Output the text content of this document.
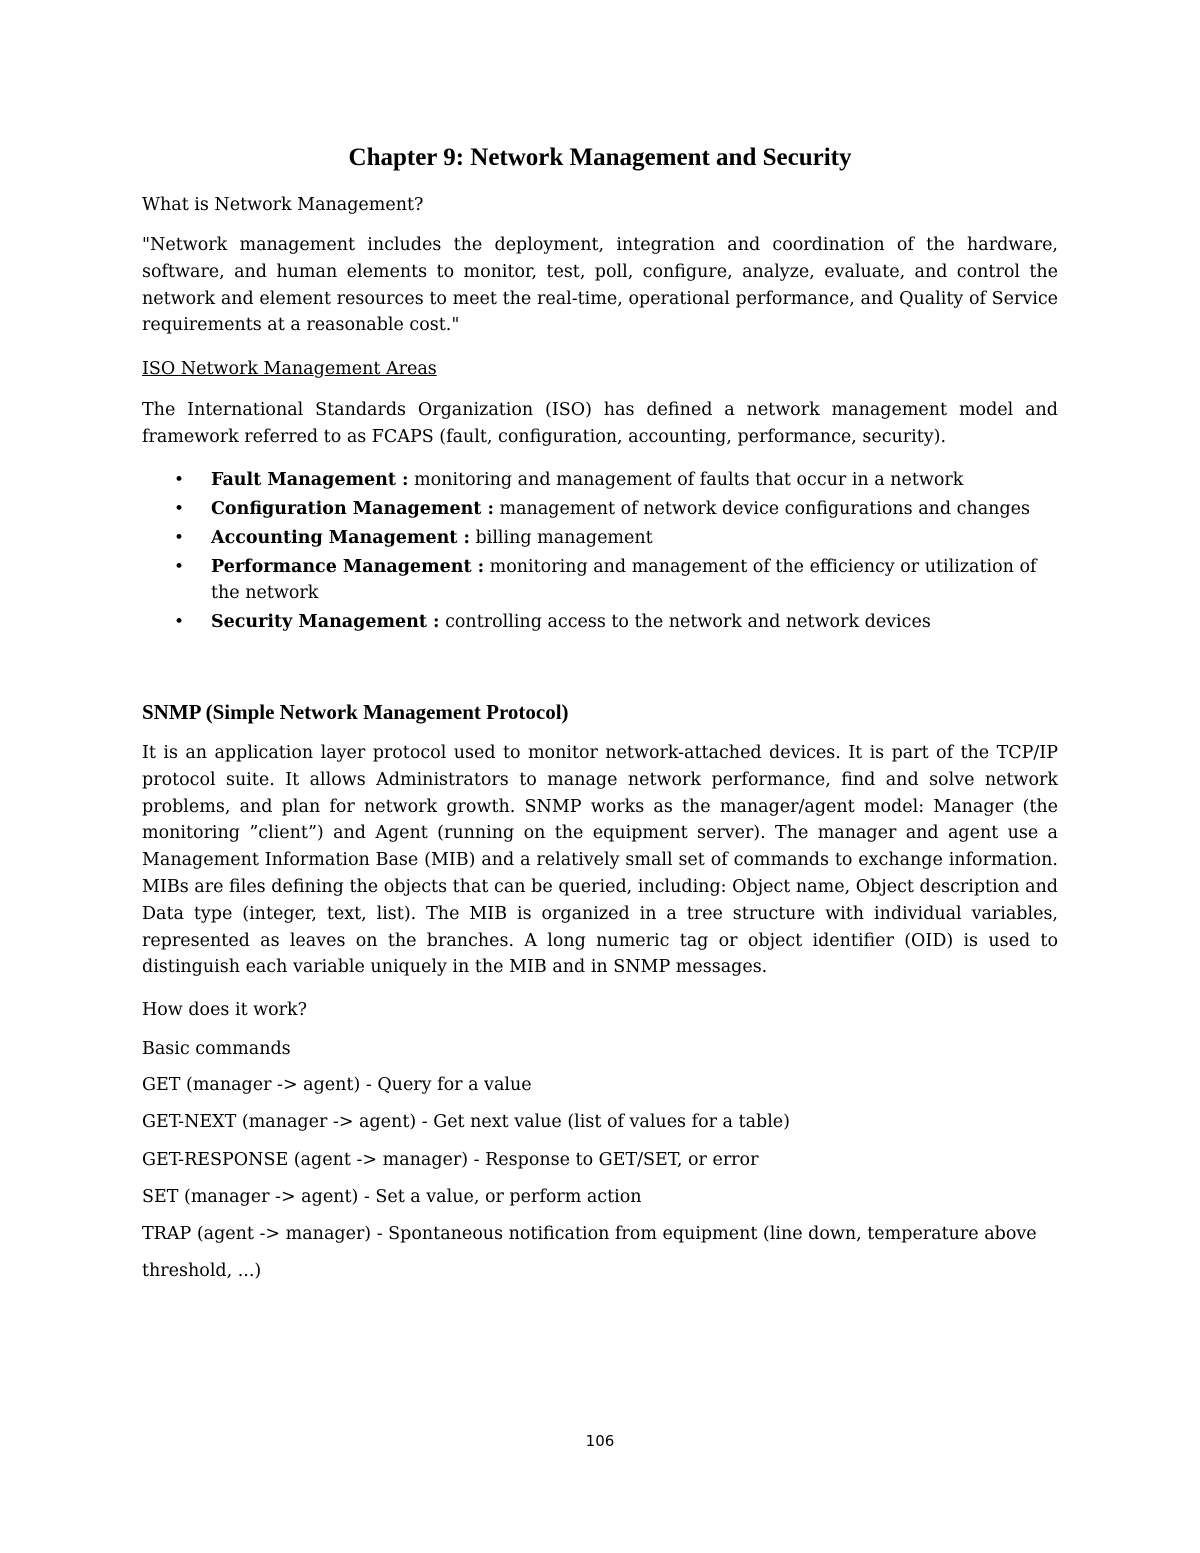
Chapter 9: Network Management and Security

What is Network Management?

"Network management includes the deployment, integration and coordination of the hardware, software, and human elements to monitor, test, poll, configure, analyze, evaluate, and control the network and element resources to meet the real-time, operational performance, and Quality of Service requirements at a reasonable cost."

ISO Network Management Areas

The International Standards Organization (ISO) has defined a network management model and framework referred to as FCAPS (fault, configuration, accounting, performance, security).

• Fault Management : monitoring and management of faults that occur in a network
• Configuration Management : management of network device configurations and changes
• Accounting Management : billing management
• Performance Management : monitoring and management of the efficiency or utilization of the network
• Security Management : controlling access to the network and network devices
SNMP (Simple Network Management Protocol)

It is an application layer protocol used to monitor network-attached devices. It is part of the TCP/IP protocol suite. It allows Administrators to manage network performance, find and solve network problems, and plan for network growth. SNMP works as the manager/agent model: Manager (the monitoring ”client”) and Agent (running on the equipment server). The manager and agent use a Management Information Base (MIB) and a relatively small set of commands to exchange information. MIBs are files defining the objects that can be queried, including: Object name, Object description and Data type (integer, text, list). The MIB is organized in a tree structure with individual variables, represented as leaves on the branches. A long numeric tag or object identifier (OID) is used to distinguish each variable uniquely in the MIB and in SNMP messages.

How does it work?

Basic commands

GET (manager -> agent) - Query for a value

GET-NEXT (manager -> agent) - Get next value (list of values for a table)

GET-RESPONSE (agent -> manager) - Response to GET/SET, or error

SET (manager -> agent) - Set a value, or perform action

TRAP (agent -> manager) - Spontaneous notification from equipment (line down, temperature above

threshold, ...)

106
